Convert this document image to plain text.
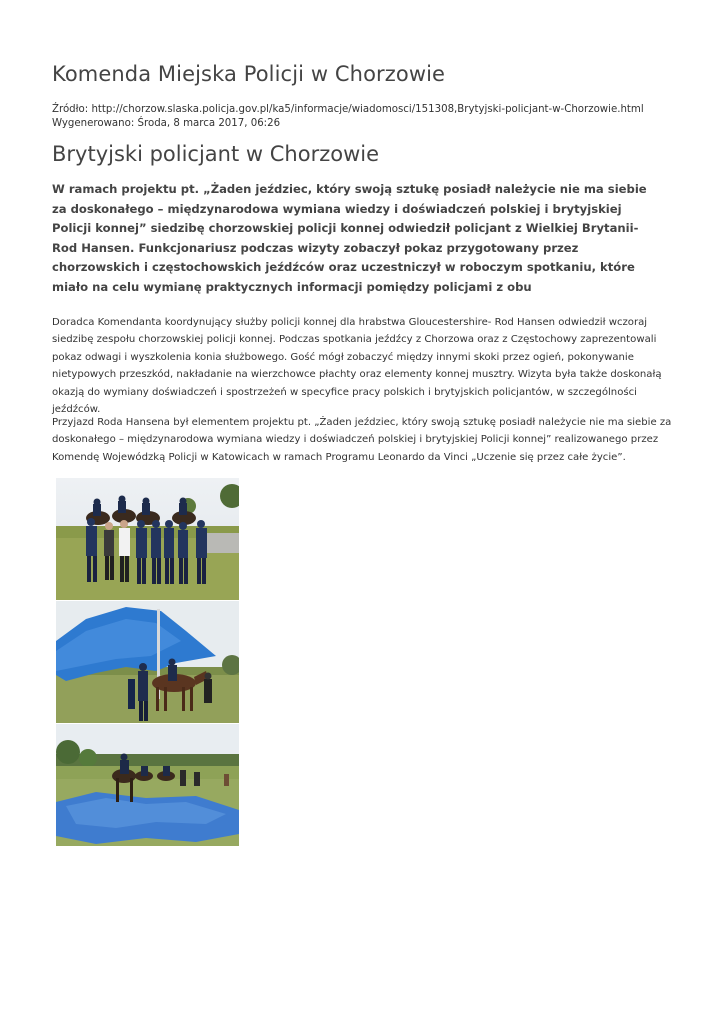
Komenda Miejska Policji w Chorzowie
Źródło: http://chorzow.slaska.policja.gov.pl/ka5/informacje/wiadomosci/151308,Brytyjski-policjant-w-Chorzowie.html
Wygenerowano: Środa, 8 marca 2017, 06:26
Brytyjski policjant w Chorzowie

W ramach projektu pt. „Żaden jeździec, który swoją sztukę posiadł należycie nie ma siebie za doskonałego – międzynarodowa wymiana wiedzy i doświadczeń polskiej i brytyjskiej Policji konnej” siedzibę chorzowskiej policji konnej odwiedził policjant z Wielkiej Brytanii- Rod Hansen. Funkcjonariusz podczas wizyty zobaczył pokaz przygotowany przez chorzowskich i częstochowskich jeźdźców oraz uczestniczył w roboczym spotkaniu, które miało na celu wymianę praktycznych informacji pomiędzy policjami z obu

Doradca Komendanta koordynujący służby policji konnej dla hrabstwa Gloucestershire- Rod Hansen odwiedził wczoraj siedzibę zespołu chorzowskiej policji konnej. Podczas spotkania jeźdźcy z Chorzowa oraz z Częstochowy zaprezentowali pokaz odwagi i wyszkolenia konia służbowego. Gość mógł zobaczyć między innymi skoki przez ogień, pokonywanie nietypowych przeszkód, nakładanie na wierzchowce płachty oraz elementy konnej musztry. Wizyta była także doskonałą okazją do wymiany doświadczeń i spostrzeżeń w specyfice pracy polskich i brytyjskich policjantów, w szczególności jeźdźców.

Przyjazd Roda Hansena był elementem projektu pt. „Żaden jeździec, który swoją sztukę posiadł należycie nie ma siebie za doskonałego – międzynarodowa wymiana wiedzy i doświadczeń polskiej i brytyjskiej Policji konnej” realizowanego przez Komendę Wojewódzką Policji w Katowicach w ramach Programu Leonardo da Vinci „Uczenie się przez całe życie”.
